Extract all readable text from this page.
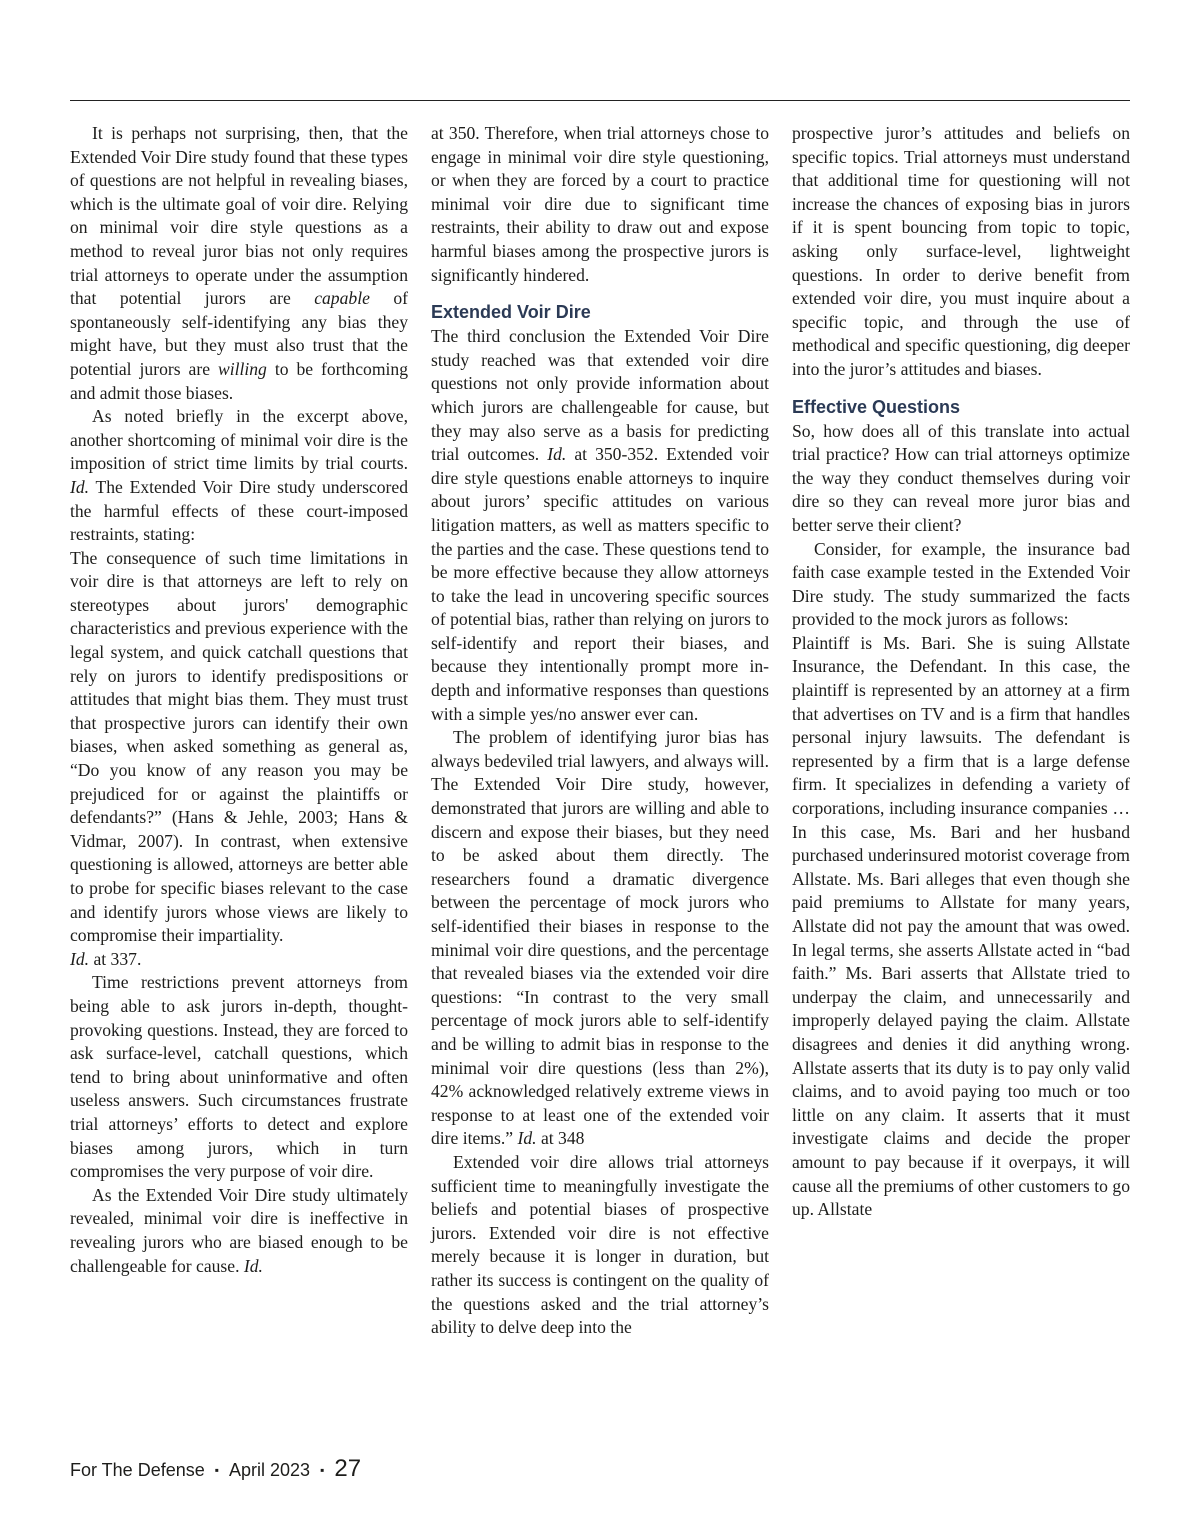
It is perhaps not surprising, then, that the Extended Voir Dire study found that these types of questions are not helpful in revealing biases, which is the ultimate goal of voir dire. Relying on minimal voir dire style questions as a method to reveal juror bias not only requires trial attorneys to operate under the assumption that potential jurors are capable of spontaneously self-identifying any bias they might have, but they must also trust that the potential jurors are willing to be forthcoming and admit those biases.

As noted briefly in the excerpt above, another shortcoming of minimal voir dire is the imposition of strict time limits by trial courts. Id. The Extended Voir Dire study underscored the harmful effects of these court-imposed restraints, stating:

The consequence of such time limitations in voir dire is that attorneys are left to rely on stereotypes about jurors' demographic characteristics and previous experience with the legal system, and quick catchall questions that rely on jurors to identify predispositions or attitudes that might bias them. They must trust that prospective jurors can identify their own biases, when asked something as general as, “Do you know of any reason you may be prejudiced for or against the plaintiffs or defendants?” (Hans & Jehle, 2003; Hans & Vidmar, 2007). In contrast, when extensive questioning is allowed, attorneys are better able to probe for specific biases relevant to the case and identify jurors whose views are likely to compromise their impartiality.

Id. at 337.

Time restrictions prevent attorneys from being able to ask jurors in-depth, thought-provoking questions. Instead, they are forced to ask surface-level, catchall questions, which tend to bring about uninformative and often useless answers. Such circumstances frustrate trial attorneys’ efforts to detect and explore biases among jurors, which in turn compromises the very purpose of voir dire.

As the Extended Voir Dire study ultimately revealed, minimal voir dire is ineffective in revealing jurors who are biased enough to be challengeable for cause. Id.

at 350. Therefore, when trial attorneys chose to engage in minimal voir dire style questioning, or when they are forced by a court to practice minimal voir dire due to significant time restraints, their ability to draw out and expose harmful biases among the prospective jurors is significantly hindered.

Extended Voir Dire

The third conclusion the Extended Voir Dire study reached was that extended voir dire questions not only provide information about which jurors are challengeable for cause, but they may also serve as a basis for predicting trial outcomes. Id. at 350-352. Extended voir dire style questions enable attorneys to inquire about jurors’ specific attitudes on various litigation matters, as well as matters specific to the parties and the case. These questions tend to be more effective because they allow attorneys to take the lead in uncovering specific sources of potential bias, rather than relying on jurors to self-identify and report their biases, and because they intentionally prompt more in-depth and informative responses than questions with a simple yes/no answer ever can.

The problem of identifying juror bias has always bedeviled trial lawyers, and always will. The Extended Voir Dire study, however, demonstrated that jurors are willing and able to discern and expose their biases, but they need to be asked about them directly. The researchers found a dramatic divergence between the percentage of mock jurors who self-identified their biases in response to the minimal voir dire questions, and the percentage that revealed biases via the extended voir dire questions: “In contrast to the very small percentage of mock jurors able to self-identify and be willing to admit bias in response to the minimal voir dire questions (less than 2%), 42% acknowledged relatively extreme views in response to at least one of the extended voir dire items.” Id. at 348

Extended voir dire allows trial attorneys sufficient time to meaningfully investigate the beliefs and potential biases of prospective jurors. Extended voir dire is not effective merely because it is longer in duration, but rather its success is contingent on the quality of the questions asked and the trial attorney’s ability to delve deep into the

prospective juror’s attitudes and beliefs on specific topics. Trial attorneys must understand that additional time for questioning will not increase the chances of exposing bias in jurors if it is spent bouncing from topic to topic, asking only surface-level, lightweight questions. In order to derive benefit from extended voir dire, you must inquire about a specific topic, and through the use of methodical and specific questioning, dig deeper into the juror’s attitudes and biases.

Effective Questions

So, how does all of this translate into actual trial practice? How can trial attorneys optimize the way they conduct themselves during voir dire so they can reveal more juror bias and better serve their client?

Consider, for example, the insurance bad faith case example tested in the Extended Voir Dire study. The study summarized the facts provided to the mock jurors as follows:

Plaintiff is Ms. Bari. She is suing Allstate Insurance, the Defendant. In this case, the plaintiff is represented by an attorney at a firm that advertises on TV and is a firm that handles personal injury lawsuits. The defendant is represented by a firm that is a large defense firm. It specializes in defending a variety of corporations, including insurance companies … In this case, Ms. Bari and her husband purchased underinsured motorist coverage from Allstate. Ms. Bari alleges that even though she paid premiums to Allstate for many years, Allstate did not pay the amount that was owed. In legal terms, she asserts Allstate acted in “bad faith.” Ms. Bari asserts that Allstate tried to underpay the claim, and unnecessarily and improperly delayed paying the claim. Allstate disagrees and denies it did anything wrong. Allstate asserts that its duty is to pay only valid claims, and to avoid paying too much or too little on any claim. It asserts that it must investigate claims and decide the proper amount to pay because if it overpays, it will cause all the premiums of other customers to go up. Allstate

For The Defense ▪ April 2023 ▪ 27
